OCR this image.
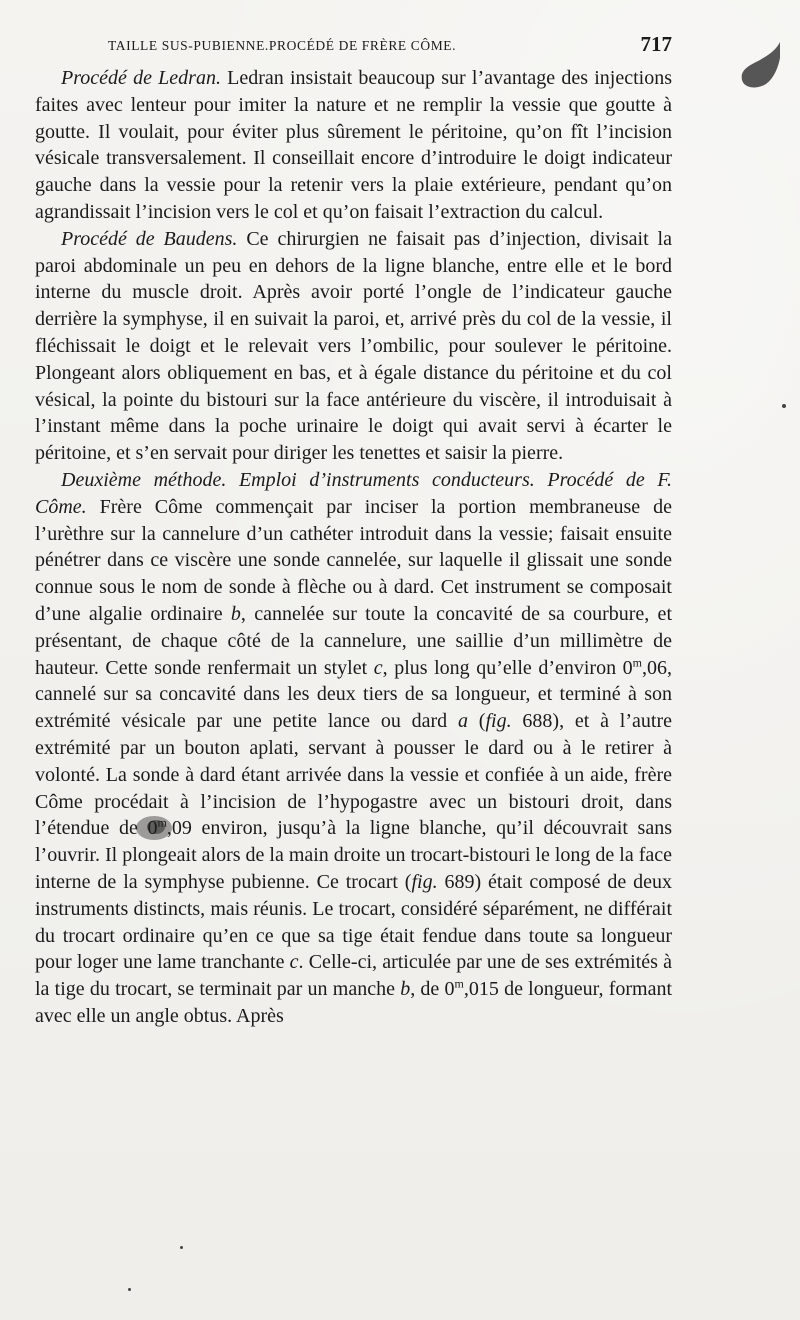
TAILLE SUS-PUBIENNE.PROCÉDÉ DE FRÈRE CÔME.	717

Procédé de Ledran. Ledran insistait beaucoup sur l’avantage des injections faites avec lenteur pour imiter la nature et ne remplir la vessie que goutte à goutte. Il voulait, pour éviter plus sûrement le péritoine, qu’on fît l’incision vésicale transversalement. Il conseillait encore d’introduire le doigt indicateur gauche dans la vessie pour la retenir vers la plaie extérieure, pendant qu’on agrandissait l’incision vers le col et qu’on faisait l’extraction du calcul.

Procédé de Baudens. Ce chirurgien ne faisait pas d’injection, divisait la paroi abdominale un peu en dehors de la ligne blanche, entre elle et le bord interne du muscle droit. Après avoir porté l’ongle de l’indicateur gauche derrière la symphyse, il en suivait la paroi, et, arrivé près du col de la vessie, il fléchissait le doigt et le relevait vers l’ombilic, pour soulever le péritoine. Plongeant alors obliquement en bas, et à égale distance du péritoine et du col vésical, la pointe du bistouri sur la face antérieure du viscère, il introduisait à l’instant même dans la poche urinaire le doigt qui avait servi à écarter le péritoine, et s’en servait pour diriger les tenettes et saisir la pierre.

Deuxième méthode. Emploi d’instruments conducteurs. Procédé de F. Côme. Frère Côme commençait par inciser la portion membraneuse de l’urèthre sur la cannelure d’un cathéter introduit dans la vessie; faisait ensuite pénétrer dans ce viscère une sonde cannelée, sur laquelle il glissait une sonde connue sous le nom de sonde à flèche ou à dard. Cet instrument se composait d’une algalie ordinaire b, cannelée sur toute la concavité de sa courbure, et présentant, de chaque côté de la cannelure, une saillie d’un millimètre de hauteur. Cette sonde renfermait un stylet c, plus long qu’elle d’environ 0$^m$,06, cannelé sur sa concavité dans les deux tiers de sa longueur, et terminé à son extrémité vésicale par une petite lance ou dard a (fig. 688), et à l’autre extrémité par un bouton aplati, servant à pousser le dard ou à le retirer à volonté. La sonde à dard étant arrivée dans la vessie et confiée à un aide, frère Côme procédait à l’incision de l’hypogastre avec un bistouri droit, dans l’étendue de 0$^m$,09 environ, jusqu’à la ligne blanche, qu’il découvrait sans l’ouvrir. Il plongeait alors de la main droite un trocart-bistouri le long de la face interne de la symphyse pubienne. Ce trocart (fig. 689) était composé de deux instruments distincts, mais réunis. Le trocart, considéré séparément, ne différait du trocart ordinaire qu’en ce que sa tige était fendue dans toute sa longueur pour loger une lame tranchante c. Celle-ci, articulée par une de ses extrémités à la tige du trocart, se terminait par un manche b, de 0$^m$,015 de longueur, formant avec elle un angle obtus. Après
